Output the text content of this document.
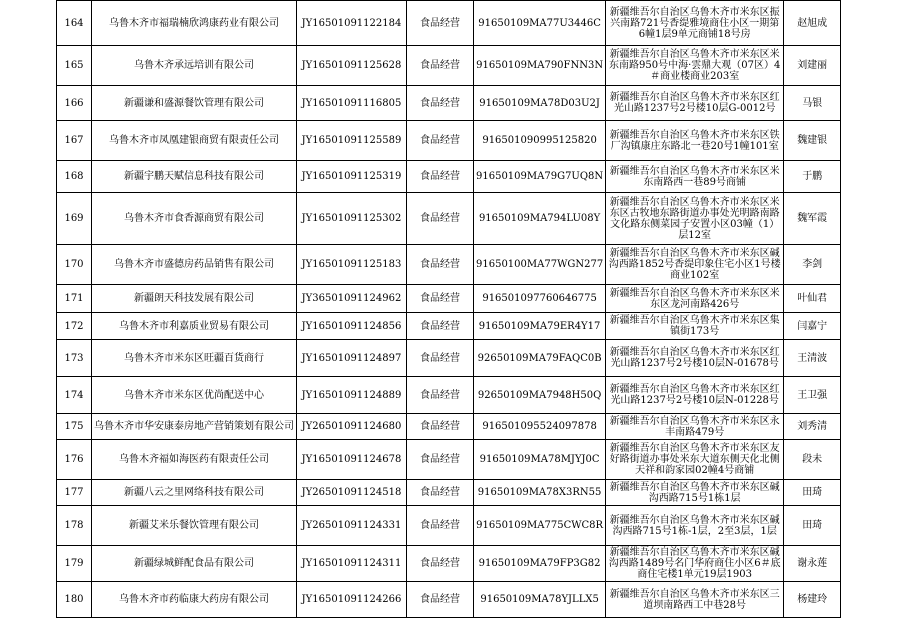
164	乌鲁木齐市福瑞楠欣鸿康药业有限公司	JY16501091122184	食品经营	91650109MA77U3446C	新疆维吾尔自治区乌鲁木齐市米东区振兴南路721号香缇雅境商住小区一期第6幢1层9单元商铺18号房	赵旭成
165	乌鲁木齐承远培训有限公司	JY16501091125628	食品经营	91650109MA790FNN3N	新疆维吾尔自治区乌鲁木齐市米东区米东南路950号中海·雲鼎大观（07区）4＃商业楼商业203室	刘建丽
166	新疆谦和盛源餐饮管理有限公司	JY16501091116805	食品经营	91650109MA78D03U2J	新疆维吾尔自治区乌鲁木齐市米东区红光山路1237号2号楼10层G-0012号	马银
167	乌鲁木齐市凤凰建银商贸有限责任公司	JY16501091125589	食品经营	916501090995125820	新疆维吾尔自治区乌鲁木齐市米东区铁厂沟镇康庄东路北一巷20号1幢101室	魏建银
168	新疆宇鹏天赋信息科技有限公司	JY16501091125319	食品经营	91650109MA79G7UQ8N	新疆维吾尔自治区乌鲁木齐市米东区米东南路西一巷89号商铺	于鹏
169	乌鲁木齐市食香源商贸有限公司	JY16501091125302	食品经营	91650109MA794LU08Y	新疆维吾尔自治区乌鲁木齐市米东区米东区古牧地东路街道办事处光明路南路文化路东侧菜园子安置小区03幢（1）层12室	魏军霞
170	乌鲁木齐市盛德房药品销售有限公司	JY16501091125183	食品经营	91650100MA77WGN277	新疆维吾尔自治区乌鲁木齐市米东区碱沟西路1852号香缇印象住宅小区1号楼商业102室	李剑
171	新疆朗天科技发展有限公司	JY36501091124962	食品经营	916501097760646775	新疆维吾尔自治区乌鲁木齐市米东区米东区龙河南路426号	叶仙君
172	乌鲁木齐市利嘉质业贸易有限公司	JY16501091124856	食品经营	91650109MA79ER4Y17	新疆维吾尔自治区乌鲁木齐市米东区集镇街173号	闫嘉宁
173	乌鲁木齐市米东区旺疆百货商行	JY16501091124897	食品经营	92650109MA79FAQC0B	新疆维吾尔自治区乌鲁木齐市米东区红光山路1237号2号楼10层N-01678号	王清波
174	乌鲁木齐市米东区优尚配送中心	JY16501091124889	食品经营	92650109MA7948H50Q	新疆维吾尔自治区乌鲁木齐市米东区红光山路1237号2号楼10层N-01228号	王卫强
175	乌鲁木齐市华安康泰房地产营销策划有限公司	JY26501091124680	食品经营	916501095524097878	新疆维吾尔自治区乌鲁木齐市米东区永丰南路479号	刘秀清
176	乌鲁木齐福如海医药有限责任公司	JY16501091124678	食品经营	91650109MA78MJYJ0C	新疆维吾尔自治区乌鲁木齐市米东区友好路街道办事处米东大道东侧天化北侧天祥和韵家园02幢4号商铺	段未
177	新疆八云之里网络科技有限公司	JY26501091124518	食品经营	91650109MA78X3RN55	新疆维吾尔自治区乌鲁木齐市米东区碱沟西路715号1栋1层	田琦
178	新疆艾米乐餐饮管理有限公司	JY26501091124331	食品经营	91650109MA775CWC8R	新疆维吾尔自治区乌鲁木齐市米东区碱沟西路715号1栋-1层，2至3层，1层	田琦
179	新疆绿城鲜配食品有限公司	JY16501091124311	食品经营	91650109MA79FP3G82	新疆维吾尔自治区乌鲁木齐市米东区碱沟西路1489号名门华府商住小区6＃底商住宅楼1单元19层1903	谢永莲
180	乌鲁木齐市药临康大药房有限公司	JY16501091124266	食品经营	91650109MA78YJLLX5	新疆维吾尔自治区乌鲁木齐市米东区三道坝南路西工中巷28号	杨建玲
